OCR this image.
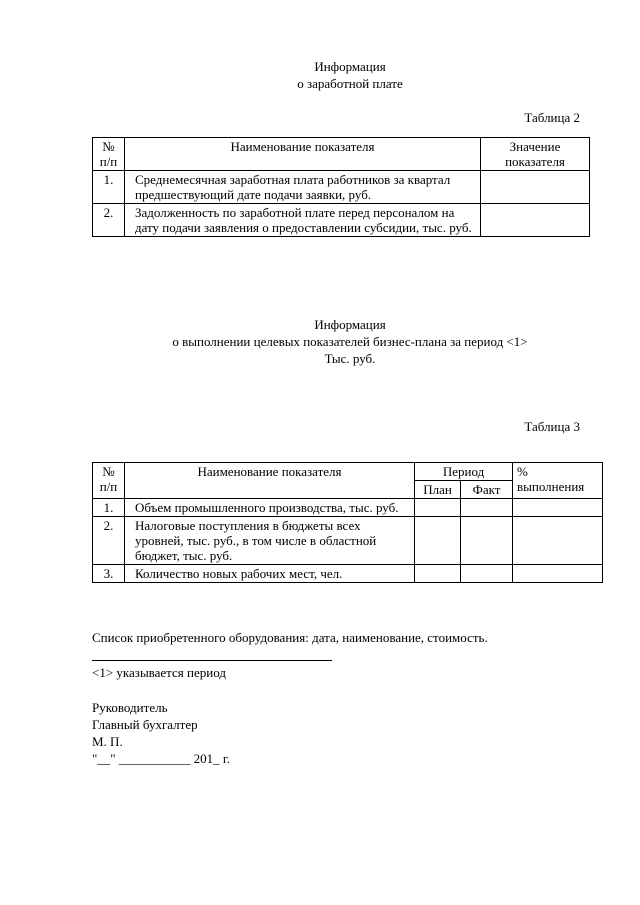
Информация
о заработной плате
Таблица 2
№ п/п	Наименование показателя	Значение показателя
1.	Среднемесячная заработная плата работников за квартал предшествующий дате подачи заявки, руб.	
2.	Задолженность по заработной плате перед персоналом на дату подачи заявления о предоставлении субсидии, тыс. руб.	
Информация
о выполнении целевых показателей бизнес-плана за период <1>
Тыс. руб.
Таблица 3
№ п/п	Наименование показателя	Период		% выполнения
		План	Факт	
1.	Объем промышленного производства, тыс. руб.			
2.	Налоговые поступления в бюджеты всех уровней, тыс. руб., в том числе в областной бюджет, тыс. руб.			
3.	Количество новых рабочих мест, чел.			
Список приобретенного оборудования: дата, наименование, стоимость.
<1> указывается период
Руководитель
Главный бухгалтер
М. П.
"__" ___________ 201_ г.
